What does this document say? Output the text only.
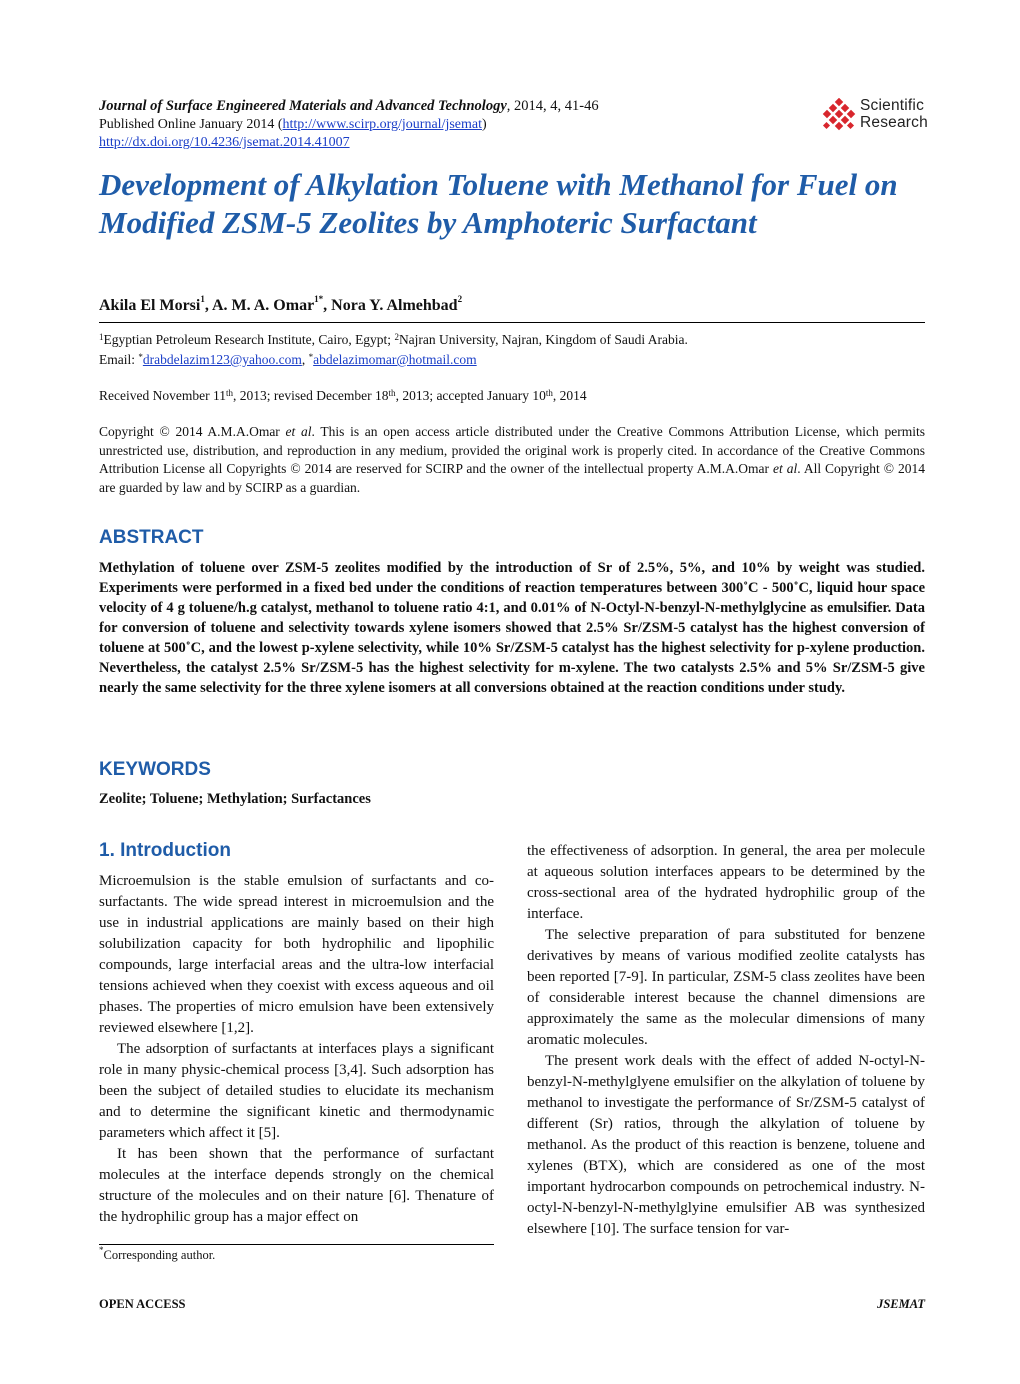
Journal of Surface Engineered Materials and Advanced Technology, 2014, 4, 41-46
Published Online January 2014 (http://www.scirp.org/journal/jsemat)
http://dx.doi.org/10.4236/jsemat.2014.41007
Scientific
Research
Development of Alkylation Toluene with Methanol for Fuel on Modified ZSM-5 Zeolites by Amphoteric Surfactant
Akila El Morsi$^1$, A. M. A. Omar$^{1*}$, Nora Y. Almehbad$^2$
$^1$Egyptian Petroleum Research Institute, Cairo, Egypt; $^2$Najran University, Najran, Kingdom of Saudi Arabia.
Email: *drabdelazim123@yahoo.com, *abdelazimomar@hotmail.com
Received November 11th, 2013; revised December 18th, 2013; accepted January 10th, 2014
Copyright © 2014 A.M.A.Omar et al. This is an open access article distributed under the Creative Commons Attribution License, which permits unrestricted use, distribution, and reproduction in any medium, provided the original work is properly cited. In accordance of the Creative Commons Attribution License all Copyrights © 2014 are reserved for SCIRP and the owner of the intellectual property A.M.A.Omar et al. All Copyright © 2014 are guarded by law and by SCIRP as a guardian.
ABSTRACT
Methylation of toluene over ZSM-5 zeolites modified by the introduction of Sr of 2.5%, 5%, and 10% by weight was studied. Experiments were performed in a fixed bed under the conditions of reaction temperatures between 300˚C - 500˚C, liquid hour space velocity of 4 g toluene/h.g catalyst, methanol to toluene ratio 4:1, and 0.01% of N-Octyl-N-benzyl-N-methylglycine as emulsifier. Data for conversion of toluene and selectivity towards xylene isomers showed that 2.5% Sr/ZSM-5 catalyst has the highest conversion of toluene at 500˚C, and the lowest p-xylene selectivity, while 10% Sr/ZSM-5 catalyst has the highest selectivity for p-xylene production. Nevertheless, the catalyst 2.5% Sr/ZSM-5 has the highest selectivity for m-xylene. The two catalysts 2.5% and 5% Sr/ZSM-5 give nearly the same selectivity for the three xylene isomers at all conversions obtained at the reaction conditions under study.
KEYWORDS
Zeolite; Toluene; Methylation; Surfactances
1. Introduction

Microemulsion is the stable emulsion of surfactants and co-surfactants. The wide spread interest in microemulsion and the use in industrial applications are mainly based on their high solubilization capacity for both hydrophilic and lipophilic compounds, large interfacial areas and the ultra-low interfacial tensions achieved when they coexist with excess aqueous and oil phases. The properties of micro emulsion have been extensively reviewed elsewhere [1,2].

The adsorption of surfactants at interfaces plays a significant role in many physic-chemical process [3,4]. Such adsorption has been the subject of detailed studies to elucidate its mechanism and to determine the significant kinetic and thermodynamic parameters which affect it [5].

It has been shown that the performance of surfactant molecules at the interface depends strongly on the chemical structure of the molecules and on their nature [6]. Thenature of the hydrophilic group has a major effect on

the effectiveness of adsorption. In general, the area per molecule at aqueous solution interfaces appears to be determined by the cross-sectional area of the hydrated hydrophilic group of the interface.

The selective preparation of para substituted for benzene derivatives by means of various modified zeolite catalysts has been reported [7-9]. In particular, ZSM-5 class zeolites have been of considerable interest because the channel dimensions are approximately the same as the molecular dimensions of many aromatic molecules.

The present work deals with the effect of added N-octyl-N-benzyl-N-methylglyene emulsifier on the alkylation of toluene by methanol to investigate the performance of Sr/ZSM-5 catalyst of different (Sr) ratios, through the alkylation of toluene by methanol. As the product of this reaction is benzene, toluene and xylenes (BTX), which are considered as one of the most important hydrocarbon compounds on petrochemical industry. N-octyl-N-benzyl-N-methylglyine emulsifier AB was synthesized elsewhere [10]. The surface tension for var-

*Corresponding author.
OPEN ACCESS	JSEMAT
